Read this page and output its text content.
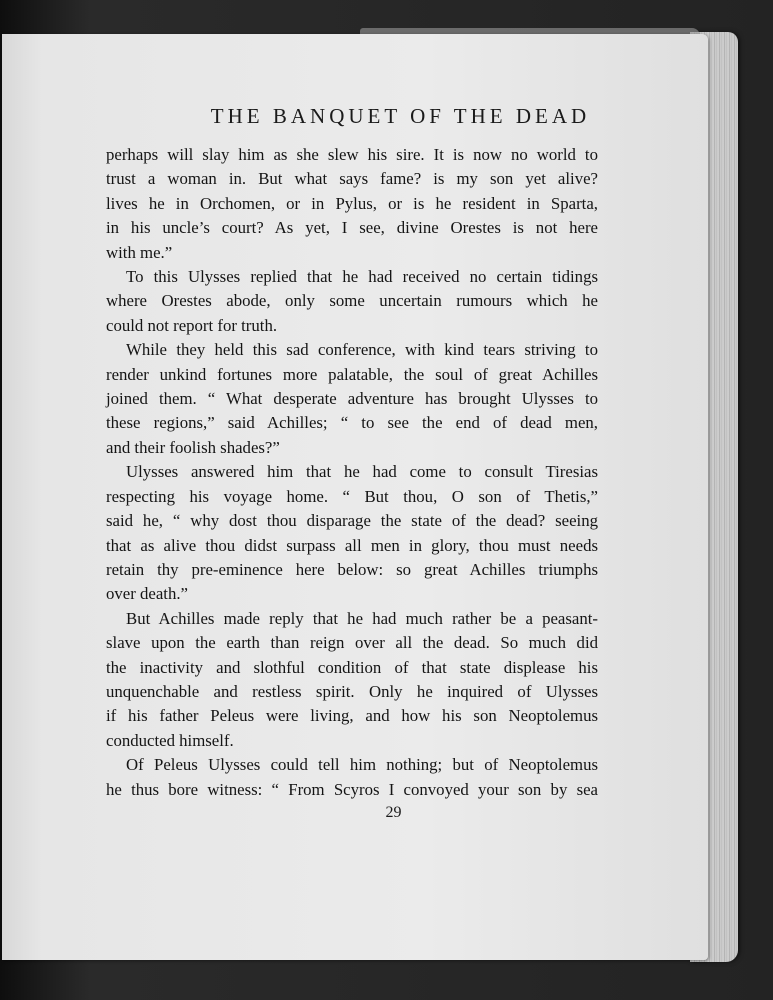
THE BANQUET OF THE DEAD

perhaps will slay him as she slew his sire. It is now no world to
trust a woman in. But what says fame? is my son yet alive?
lives he in Orchomen, or in Pylus, or is he resident in Sparta,
in his uncle’s court? As yet, I see, divine Orestes is not here
with me.”

To this Ulysses replied that he had received no certain tidings
where Orestes abode, only some uncertain rumours which he
could not report for truth.

While they held this sad conference, with kind tears striving to
render unkind fortunes more palatable, the soul of great Achilles
joined them. “ What desperate adventure has brought Ulysses to
these regions,” said Achilles; “ to see the end of dead men,
and their foolish shades?”

Ulysses answered him that he had come to consult Tiresias
respecting his voyage home. “ But thou, O son of Thetis,”
said he, “ why dost thou disparage the state of the dead? seeing
that as alive thou didst surpass all men in glory, thou must needs
retain thy pre-eminence here below: so great Achilles triumphs
over death.”

But Achilles made reply that he had much rather be a peasant-
slave upon the earth than reign over all the dead. So much did
the inactivity and slothful condition of that state displease his
unquenchable and restless spirit. Only he inquired of Ulysses
if his father Peleus were living, and how his son Neoptolemus
conducted himself.

Of Peleus Ulysses could tell him nothing; but of Neoptolemus
he thus bore witness: “ From Scyros I convoyed your son by sea

29
